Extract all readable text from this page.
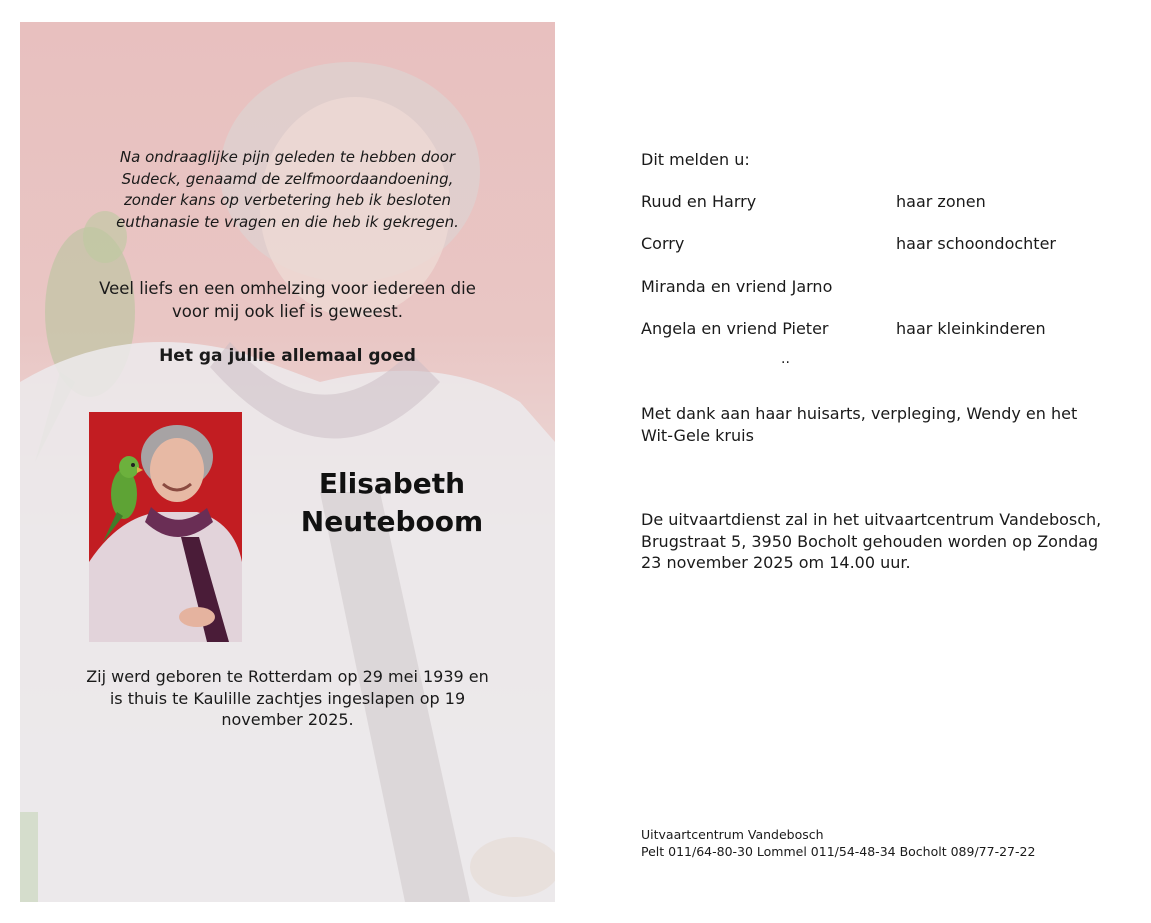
Na ondraaglijke pijn geleden te hebben door
Sudeck, genaamd de zelfmoordaandoening,
zonder kans op verbetering heb ik besloten
euthanasie te vragen en die heb ik gekregen.
Veel liefs en een omhelzing voor iedereen die
voor mij ook lief is geweest.
Het ga jullie allemaal goed
Elisabeth
Neuteboom
Zij werd geboren te Rotterdam op 29 mei 1939 en
is thuis te Kaulille zachtjes ingeslapen op 19
november 2025.
Dit melden u:
Ruud en Harry	haar zonen
Corry	haar schoondochter
Miranda en vriend Jarno
Angela en vriend Pieter	haar kleinkinderen
..
Met dank aan haar huisarts, verpleging, Wendy en het
Wit-Gele kruis
De uitvaartdienst zal in het uitvaartcentrum Vandebosch,
Brugstraat 5, 3950 Bocholt gehouden worden op Zondag
23 november 2025 om 14.00 uur.
Uitvaartcentrum Vandebosch
Pelt 011/64-80-30 Lommel 011/54-48-34 Bocholt 089/77-27-22
